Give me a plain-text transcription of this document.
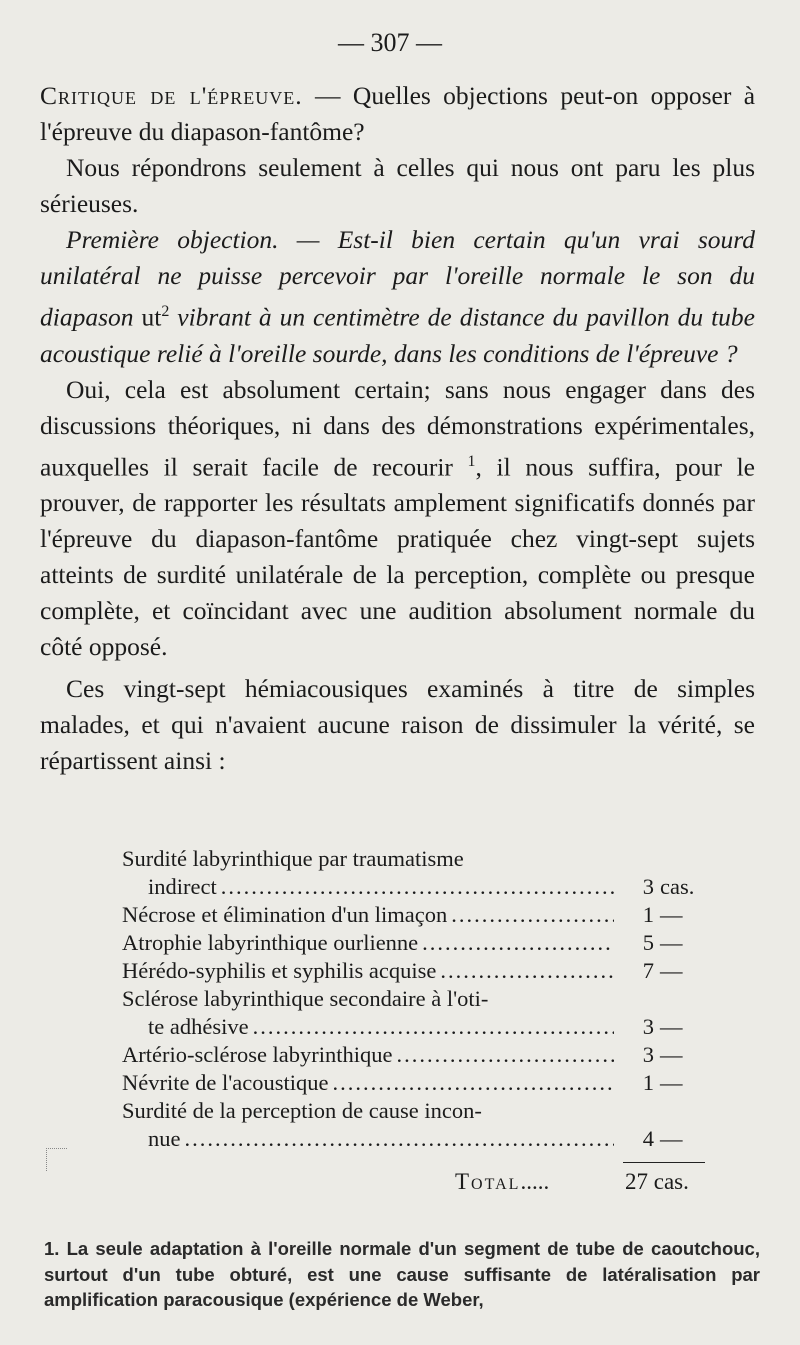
— 307 —

Critique de l'épreuve. — Quelles objections peut-on opposer à l'épreuve du diapason-fantôme?

Nous répondrons seulement à celles qui nous ont paru les plus sérieuses.

Première objection. — Est-il bien certain qu'un vrai sourd unilatéral ne puisse percevoir par l'oreille normale le son du diapason $ut^2$ vibrant à un centimètre de distance du pavillon du tube acoustique relié à l'oreille sourde, dans les conditions de l'épreuve ?

Oui, cela est absolument certain; sans nous engager dans des discussions théoriques, ni dans des démonstrations expérimentales, auxquelles il serait facile de recourir $^1$, il nous suffira, pour le prouver, de rapporter les résultats amplement significatifs donnés par l'épreuve du diapason-fantôme pratiquée chez vingt-sept sujets atteints de surdité unilatérale de la perception, complète ou presque complète, et coïncidant avec une audition absolument normale du côté opposé.

Ces vingt-sept hémiacousiques examinés à titre de simples malades, et qui n'avaient aucune raison de dissimuler la vérité, se répartissent ainsi :

Surdité labyrinthique par traumatisme
indirect .....	3 cas.
Nécrose et élimination d'un limaçon .....	1 —
Atrophie labyrinthique ourlienne .....	5 —
Hérédo-syphilis et syphilis acquise .....	7 —
Sclérose labyrinthique secondaire à l'oti-
te adhésive .....	3 —
Artério-sclérose labyrinthique .....	3 —
Névrite de l'acoustique .....	1 —
Surdité de la perception de cause incon-
nue .....	4 —
Total.....	27 cas.
1. La seule adaptation à l'oreille normale d'un segment de tube de caoutchouc, surtout d'un tube obturé, est une cause suffisante de latéralisation par amplification paracousique (expérience de Weber,
